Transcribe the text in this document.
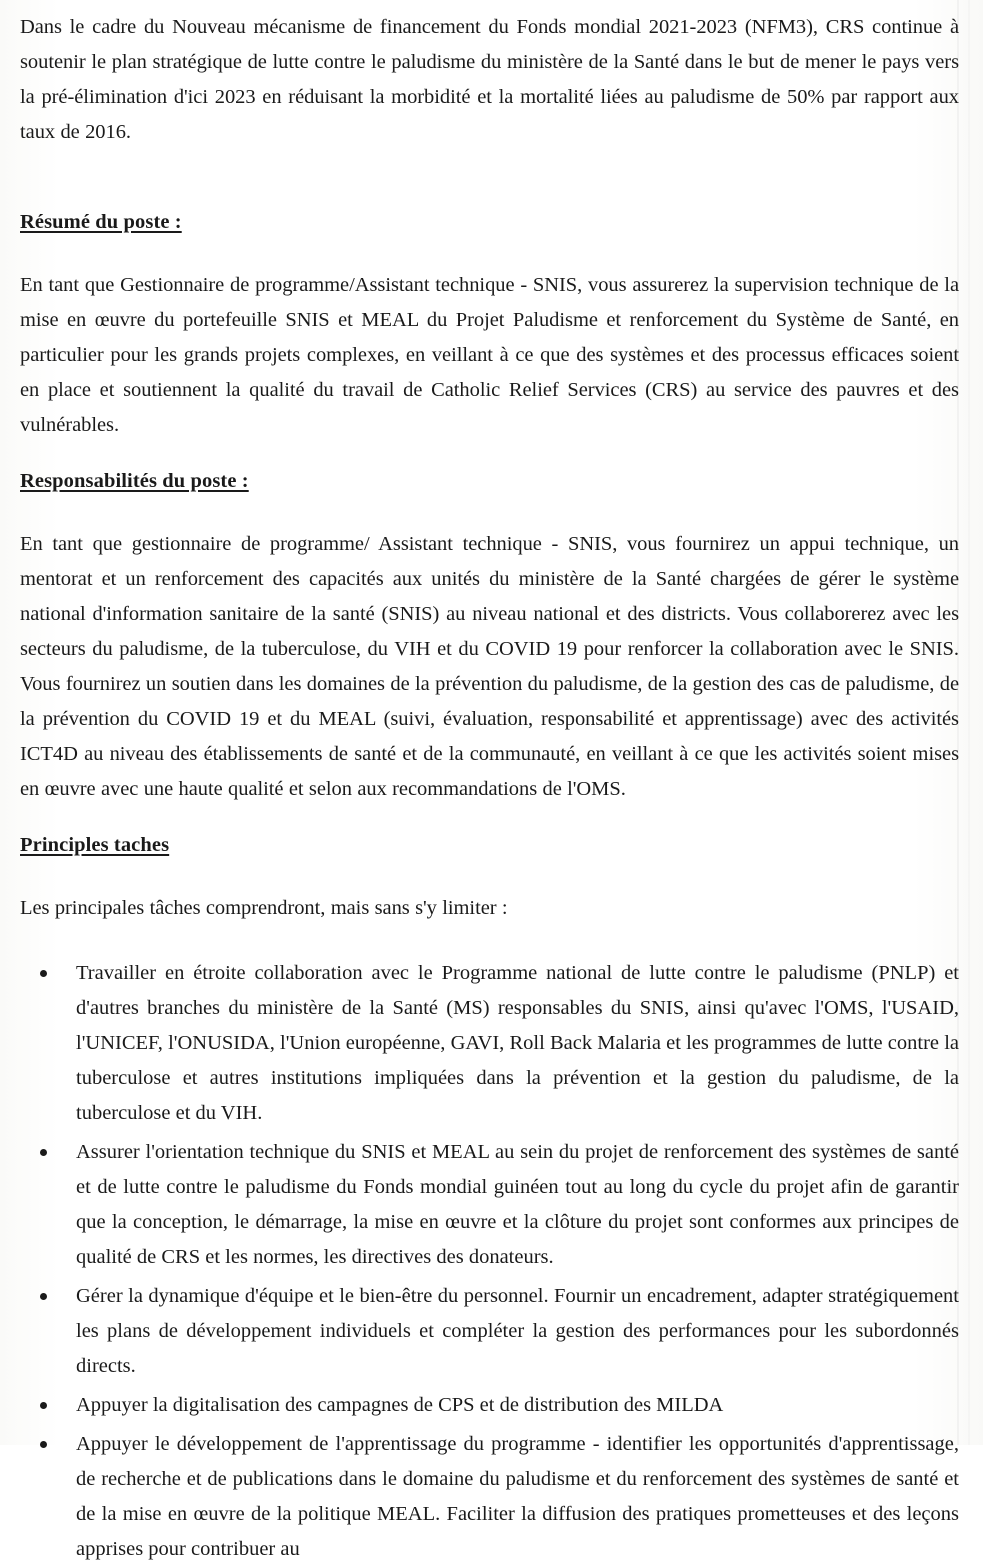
Dans le cadre du Nouveau mécanisme de financement du Fonds mondial 2021-2023 (NFM3), CRS continue à soutenir le plan stratégique de lutte contre le paludisme du ministère de la Santé dans le but de mener le pays vers la pré-élimination d'ici 2023 en réduisant la morbidité et la mortalité liées au paludisme de 50% par rapport aux taux de 2016.

Résumé du poste :

En tant que Gestionnaire de programme/Assistant technique - SNIS, vous assurerez la supervision technique de la mise en œuvre du portefeuille SNIS et MEAL du Projet Paludisme et renforcement du Système de Santé, en particulier pour les grands projets complexes, en veillant à ce que des systèmes et des processus efficaces soient en place et soutiennent la qualité du travail de Catholic Relief Services (CRS) au service des pauvres et des vulnérables.

Responsabilités du poste :

En tant que gestionnaire de programme/ Assistant technique - SNIS, vous fournirez un appui technique, un mentorat et un renforcement des capacités aux unités du ministère de la Santé chargées de gérer le système national d'information sanitaire de la santé (SNIS) au niveau national et des districts. Vous collaborerez avec les secteurs du paludisme, de la tuberculose, du VIH et du COVID 19 pour renforcer la collaboration avec le SNIS. Vous fournirez un soutien dans les domaines de la prévention du paludisme, de la gestion des cas de paludisme, de la prévention du COVID 19 et du MEAL (suivi, évaluation, responsabilité et apprentissage) avec des activités ICT4D au niveau des établissements de santé et de la communauté, en veillant à ce que les activités soient mises en œuvre avec une haute qualité et selon aux recommandations de l'OMS.

Principles taches

Les principales tâches comprendront, mais sans s'y limiter :

Travailler en étroite collaboration avec le Programme national de lutte contre le paludisme (PNLP) et d'autres branches du ministère de la Santé (MS) responsables du SNIS, ainsi qu'avec l'OMS, l'USAID, l'UNICEF, l'ONUSIDA, l'Union européenne, GAVI, Roll Back Malaria et les programmes de lutte contre la tuberculose et autres institutions impliquées dans la prévention et la gestion du paludisme, de la tuberculose et du VIH.
Assurer l'orientation technique du SNIS et MEAL au sein du projet de renforcement des systèmes de santé et de lutte contre le paludisme du Fonds mondial guinéen tout au long du cycle du projet afin de garantir que la conception, le démarrage, la mise en œuvre et la clôture du projet sont conformes aux principes de qualité de CRS et les normes, les directives des donateurs.
Gérer la dynamique d'équipe et le bien-être du personnel. Fournir un encadrement, adapter stratégiquement les plans de développement individuels et compléter la gestion des performances pour les subordonnés directs.
Appuyer la digitalisation des campagnes de CPS et de distribution des MILDA
Appuyer le développement de l'apprentissage du programme - identifier les opportunités d'apprentissage, de recherche et de publications dans le domaine du paludisme et du renforcement des systèmes de santé et de la mise en œuvre de la politique MEAL. Faciliter la diffusion des pratiques prometteuses et des leçons apprises pour contribuer au
